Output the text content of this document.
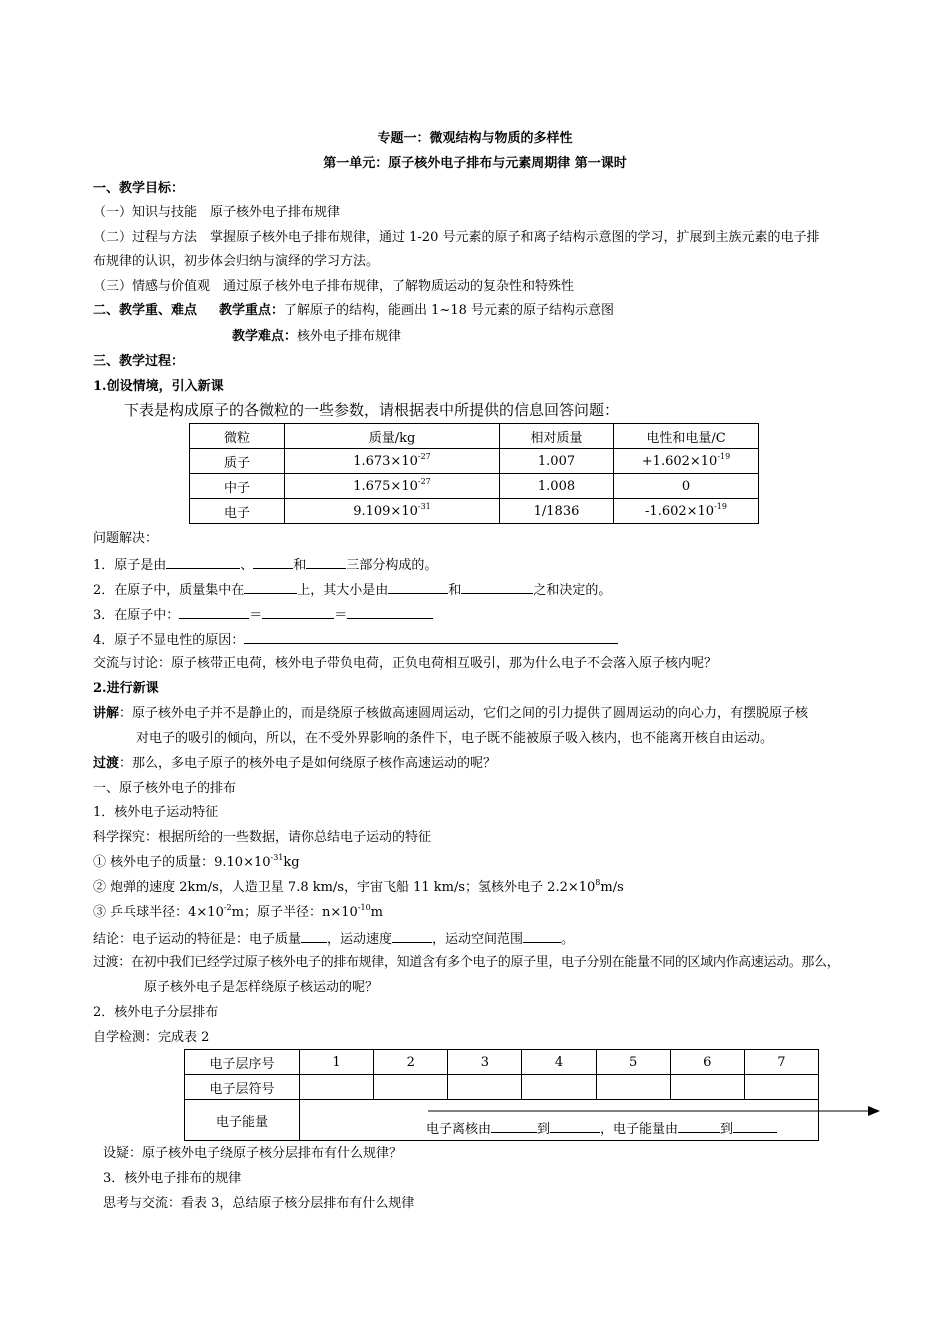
专题一：微观结构与物质的多样性
第一单元：原子核外电子排布与元素周期律 第一课时
一、教学目标：
（一）知识与技能　原子核外电子排布规律
（二）过程与方法　掌握原子核外电子排布规律，通过 1-20 号元素的原子和离子结构示意图的学习，扩展到主族元素的电子排
布规律的认识，初步体会归纳与演绎的学习方法。
（三）情感与价值观　通过原子核外电子排布规律，了解物质运动的复杂性和特殊性
二、教学重、难点 教学重点：了解原子的结构，能画出 1~18 号元素的原子结构示意图
教学难点：核外电子排布规律
三、教学过程：
1.创设情境，引入新课
下表是构成原子的各微粒的一些参数，请根据表中所提供的信息回答问题：
微粒	质量/kg	相对质量	电性和电量/C
质子	$1.673\times 10^{-27}$	1.007	$+1.602\times 10^{-19}$
中子	$1.675\times 10^{-27}$	1.008	0
电子	$9.109\times 10^{-31}$	1/1836	$-1.602\times 10^{-19}$
问题解决：
1．原子是由	、	和	三部分构成的。
2．在原子中，质量集中在	上，其大小是由	和	之和决定的。
3．在原子中：	＝	＝
4．原子不显电性的原因：
交流与讨论：原子核带正电荷，核外电子带负电荷，正负电荷相互吸引，那为什么电子不会落入原子核内呢？
2.进行新课
讲解：原子核外电子并不是静止的，而是绕原子核做高速圆周运动，它们之间的引力提供了圆周运动的向心力，有摆脱原子核
对电子的吸引的倾向，所以，在不受外界影响的条件下，电子既不能被原子吸入核内，也不能离开核自由运动。
过渡：那么，多电子原子的核外电子是如何绕原子核作高速运动的呢？
一、原子核外电子的排布
1．核外电子运动特征
科学探究：根据所给的一些数据，请你总结电子运动的特征
① 核外电子的质量：$9.10\times 10^{-31}kg$
② 炮弹的速度 2km/s，人造卫星 7.8 km/s，宇宙飞船 11 km/s；氢核外电子 $2.2\times 10^8m/s$
③ 乒乓球半径：$4\times 10^{-2}m$；原子半径：$n\times 10^{-10}m$
结论：电子运动的特征是：电子质量 ，运动速度	，运动空间范围	。
过渡：在初中我们已经学过原子核外电子的排布规律，知道含有多个电子的原子里，电子分别在能量不同的区域内作高速运动。那么，
原子核外电子是怎样绕原子核运动的呢？
2．核外电子分层排布
自学检测：完成表 2
电子层序号	1	2	3	4	5	6	7
电子层符号							
电子能量	电子离核由 到 ，电子能量由 到						
设疑：原子核外电子绕原子核分层排布有什么规律？
3．核外电子排布的规律
思考与交流：看表 3，总结原子核分层排布有什么规律
